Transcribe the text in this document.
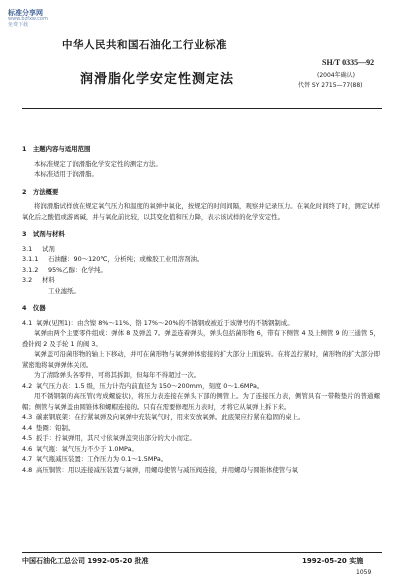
标准分享网
www.bzfxw.com
免费下载
中华人民共和国石油化工行业标准
SH/T 0335—92
润滑脂化学安定性测定法	(2004年确认)
代替 SY 2715—77(88)

1　主题内容与适用范围

本标准规定了润滑脂化学安定性的测定方法。

本标准适用于润滑脂。

2　方法概要

将润滑脂试样放在规定氧气压力和温度的氧弹中氧化，按规定的时间间隔，观察并记录压力。在氧化时间终了时，测定试样氧化后之酸值或游离碱，并与氧化前比较，以其变化值和压力降，表示该试样的化学安定性。

3　试剂与材料

3.1 试剂

3.1.1 石油醚：90～120℃，分析纯；或橡胶工业用溶剂油。

3.1.2 95%乙醇：化学纯。

3.2 材料

工业滤纸。

4　仪器

4.1 氧弹(见图1)：由含镍 8%～11%、铬 17%～20%的不锈钢或被近于该牌号的不锈钢制成。

氧弹由两个主要零件组成：弹体 8 及弹盖 7。弹盖连着弹头，弹头包括菌形物 6，带有下侧管 4 及上侧管 9 的三通管 5，叠针阀 2 及手轮 1 的阀 3。

氧弹盖可沿菌形物的轴上下移动，并可在菌形物与氧弹弹体密接的扩大部分上面旋转。在将盖拧紧时，菌形物的扩大部分即紧密地将氧弹弹体关闭。

为了清除弹头各零件，可将其拆卸，但每年不得超过一次。

4.2 氧气压力表：1.5 级，压力计壳内前直径为 150～200mm，刻度 0～1.6MPa。

用不锈钢制的高压管(弯成螺旋状)，将压力表连接在弹头下部的侧管上。为了连接压力表，侧管具有一带鞍垫片的普通螺帽；侧管与氧弹盖由圆锥体和螺帽连接的。只有在需要修理压力表时，才将它从氧弹上拆下来。

4.3 碳素钢底架：在拧紧氧弹及向氧弹中充装氧气时，用来安放氧弹。此底架应拧紧在稳固的桌上。

4.4 垫圈：铅制。

4.5 扳手：拧氧弹用，其尺寸依氧弹盖突出部分的大小而定。

4.6 氧气瓶：氧气压力不少于 1.0MPa。

4.7 氧气瓶减压装置：工作压力为 0.1～1.5MPa。

4.8 高压铜管：用以连接减压装置与氧弹，用螺母使管与减压阀连接，并用螺母与圆锥体使管与氧

中国石油化工总公司 1992-05-20 批准	1992-05-20 实施
1059
